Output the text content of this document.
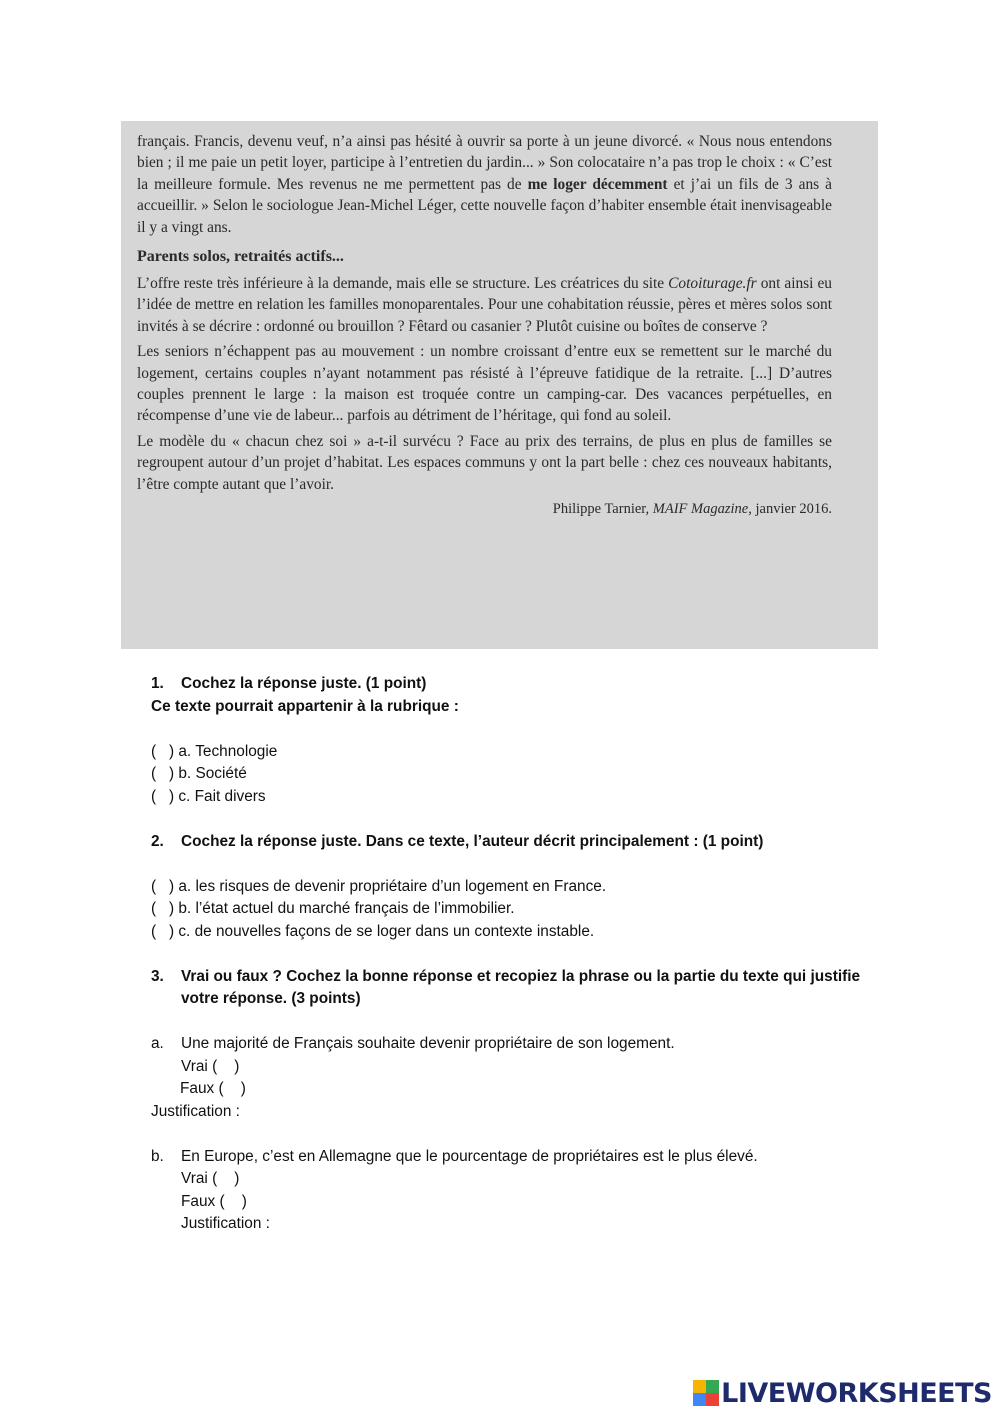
français. Francis, devenu veuf, n’a ainsi pas hésité à ouvrir sa porte à un jeune divorcé. « Nous nous entendons bien ; il me paie un petit loyer, participe à l’entretien du jardin... » Son colocataire n’a pas trop le choix : « C’est la meilleure formule. Mes revenus ne me permettent pas de me loger décemment et j’ai un fils de 3 ans à accueillir. » Selon le sociologue Jean-Michel Léger, cette nouvelle façon d’habiter ensemble était inenvisageable il y a vingt ans.

Parents solos, retraités actifs...

L’offre reste très inférieure à la demande, mais elle se structure. Les créatrices du site Cotoiturage.fr ont ainsi eu l’idée de mettre en relation les familles monoparentales. Pour une cohabitation réussie, pères et mères solos sont invités à se décrire : ordonné ou brouillon ? Fêtard ou casanier ? Plutôt cuisine ou boîtes de conserve ?

Les seniors n’échappent pas au mouvement : un nombre croissant d’entre eux se remettent sur le marché du logement, certains couples n’ayant notamment pas résisté à l’épreuve fatidique de la retraite. [...] D’autres couples prennent le large : la maison est troquée contre un camping-car. Des vacances perpétuelles, en récompense d’une vie de labeur... parfois au détriment de l’héritage, qui fond au soleil.

Le modèle du « chacun chez soi » a-t-il survécu ? Face au prix des terrains, de plus en plus de familles se regroupent autour d’un projet d’habitat. Les espaces communs y ont la part belle : chez ces nouveaux habitants, l’être compte autant que l’avoir.

Philippe Tarnier, MAIF Magazine, janvier 2016.

1.	Cochez la réponse juste. (1 point)
Ce texte pourrait appartenir à la rubrique :
(   ) a. Technologie
(   ) b. Société
(   ) c. Fait divers
2.	Cochez la réponse juste. Dans ce texte, l’auteur décrit principalement : (1 point)
(   ) a. les risques de devenir propriétaire d’un logement en France.
(   ) b. l’état actuel du marché français de l’immobilier.
(   ) c. de nouvelles façons de se loger dans un contexte instable.
3.	Vrai ou faux ? Cochez la bonne réponse et recopiez la phrase ou la partie du texte qui justifie votre réponse. (3 points)
a.	Une majorité de Français souhaite devenir propriétaire de son logement.
Vrai (    )
Faux (    )
Justification :
b.	En Europe, c’est en Allemagne que le pourcentage de propriétaires est le plus élevé.
Vrai (    )
Faux (    )
Justification :
LIVEWORKSHEETS
